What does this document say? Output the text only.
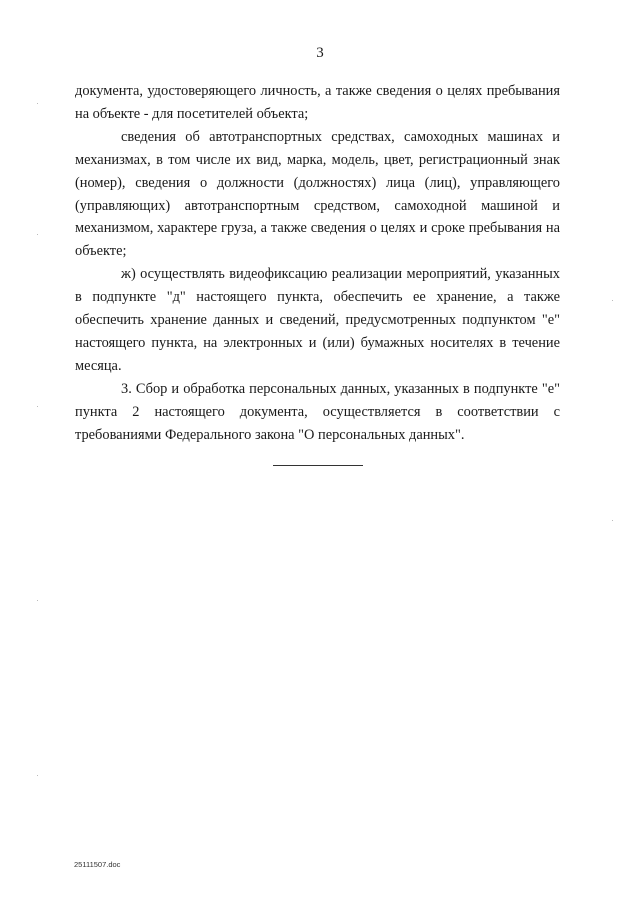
3

документа, удостоверяющего личность, а также сведения о целях пребывания на объекте - для посетителей объекта;

сведения об автотранспортных средствах, самоходных машинах и механизмах, в том числе их вид, марка, модель, цвет, регистрационный знак (номер), сведения о должности (должностях) лица (лиц), управляющего (управляющих) автотранспортным средством, самоходной машиной и механизмом, характере груза, а также сведения о целях и сроке пребывания на объекте;

ж) осуществлять видеофиксацию реализации мероприятий, указанных в подпункте "д" настоящего пункта, обеспечить ее хранение, а также обеспечить хранение данных и сведений, предусмотренных подпунктом "е" настоящего пункта, на электронных и (или) бумажных носителях в течение месяца.

3. Сбор и обработка персональных данных, указанных в подпункте "е" пункта 2 настоящего документа, осуществляется в соответствии с требованиями Федерального закона "О персональных данных".

25111507.doc
